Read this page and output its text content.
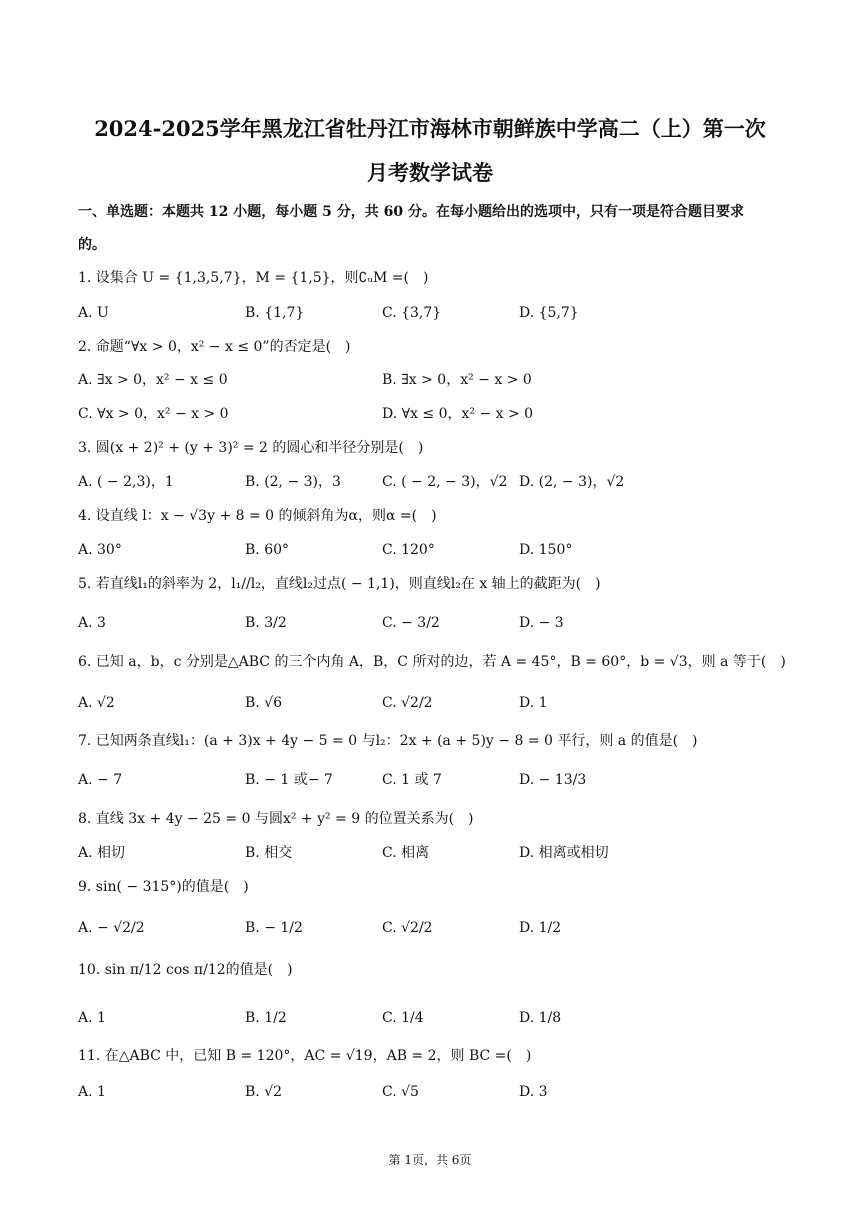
2024-2025学年黑龙江省牡丹江市海林市朝鲜族中学高二（上）第一次
月考数学试卷
一、单选题：本题共 12 小题，每小题 5 分，共 60 分。在每小题给出的选项中，只有一项是符合题目要求
的。
1. 设集合 U = {1,3,5,7}，M = {1,5}，则∁ᵤM =(　)
A. U	B. {1,7}	C. {3,7}	D. {5,7}
2. 命题“∀x > 0，x² − x ≤ 0”的否定是(　)
A. ∃x > 0，x² − x ≤ 0	B. ∃x > 0，x² − x > 0
C. ∀x > 0，x² − x > 0	D. ∀x ≤ 0，x² − x > 0
3. 圆(x + 2)² + (y + 3)² = 2 的圆心和半径分别是(　)
A. ( − 2,3)，1	B. (2, − 3)，3	C. ( − 2, − 3)，√2 D. (2, − 3)，√2
4. 设直线 l：x − √3y + 8 = 0 的倾斜角为α，则α =(　)
A. 30°	B. 60°	C. 120°	D. 150°
5. 若直线l₁的斜率为 2，l₁//l₂，直线l₂过点( − 1,1)，则直线l₂在 x 轴上的截距为(　)
A. 3	B. 3/2	C. − 3/2	D. − 3
6. 已知 a，b，c 分别是△ABC 的三个内角 A，B，C 所对的边，若 A = 45°，B = 60°，b = √3，则 a 等于(　)
A. √2	B. √6	C. √2/2	D. 1
7. 已知两条直线l₁：(a + 3)x + 4y − 5 = 0 与l₂：2x + (a + 5)y − 8 = 0 平行，则 a 的值是(　)
A. − 7	B. − 1 或− 7	C. 1 或 7	D. − 13/3
8. 直线 3x + 4y − 25 = 0 与圆x² + y² = 9 的位置关系为(　)
A. 相切	B. 相交	C. 相离	D. 相离或相切
9. sin( − 315°)的值是(　)
A. − √2/2	B. − 1/2	C. √2/2	D. 1/2
10. sin π/12 cos π/12的值是(　)
A. 1	B. 1/2	C. 1/4	D. 1/8
11. 在△ABC 中，已知 B = 120°，AC = √19，AB = 2，则 BC =(　)
A. 1	B. √2	C. √5	D. 3
第 1页，共 6页
